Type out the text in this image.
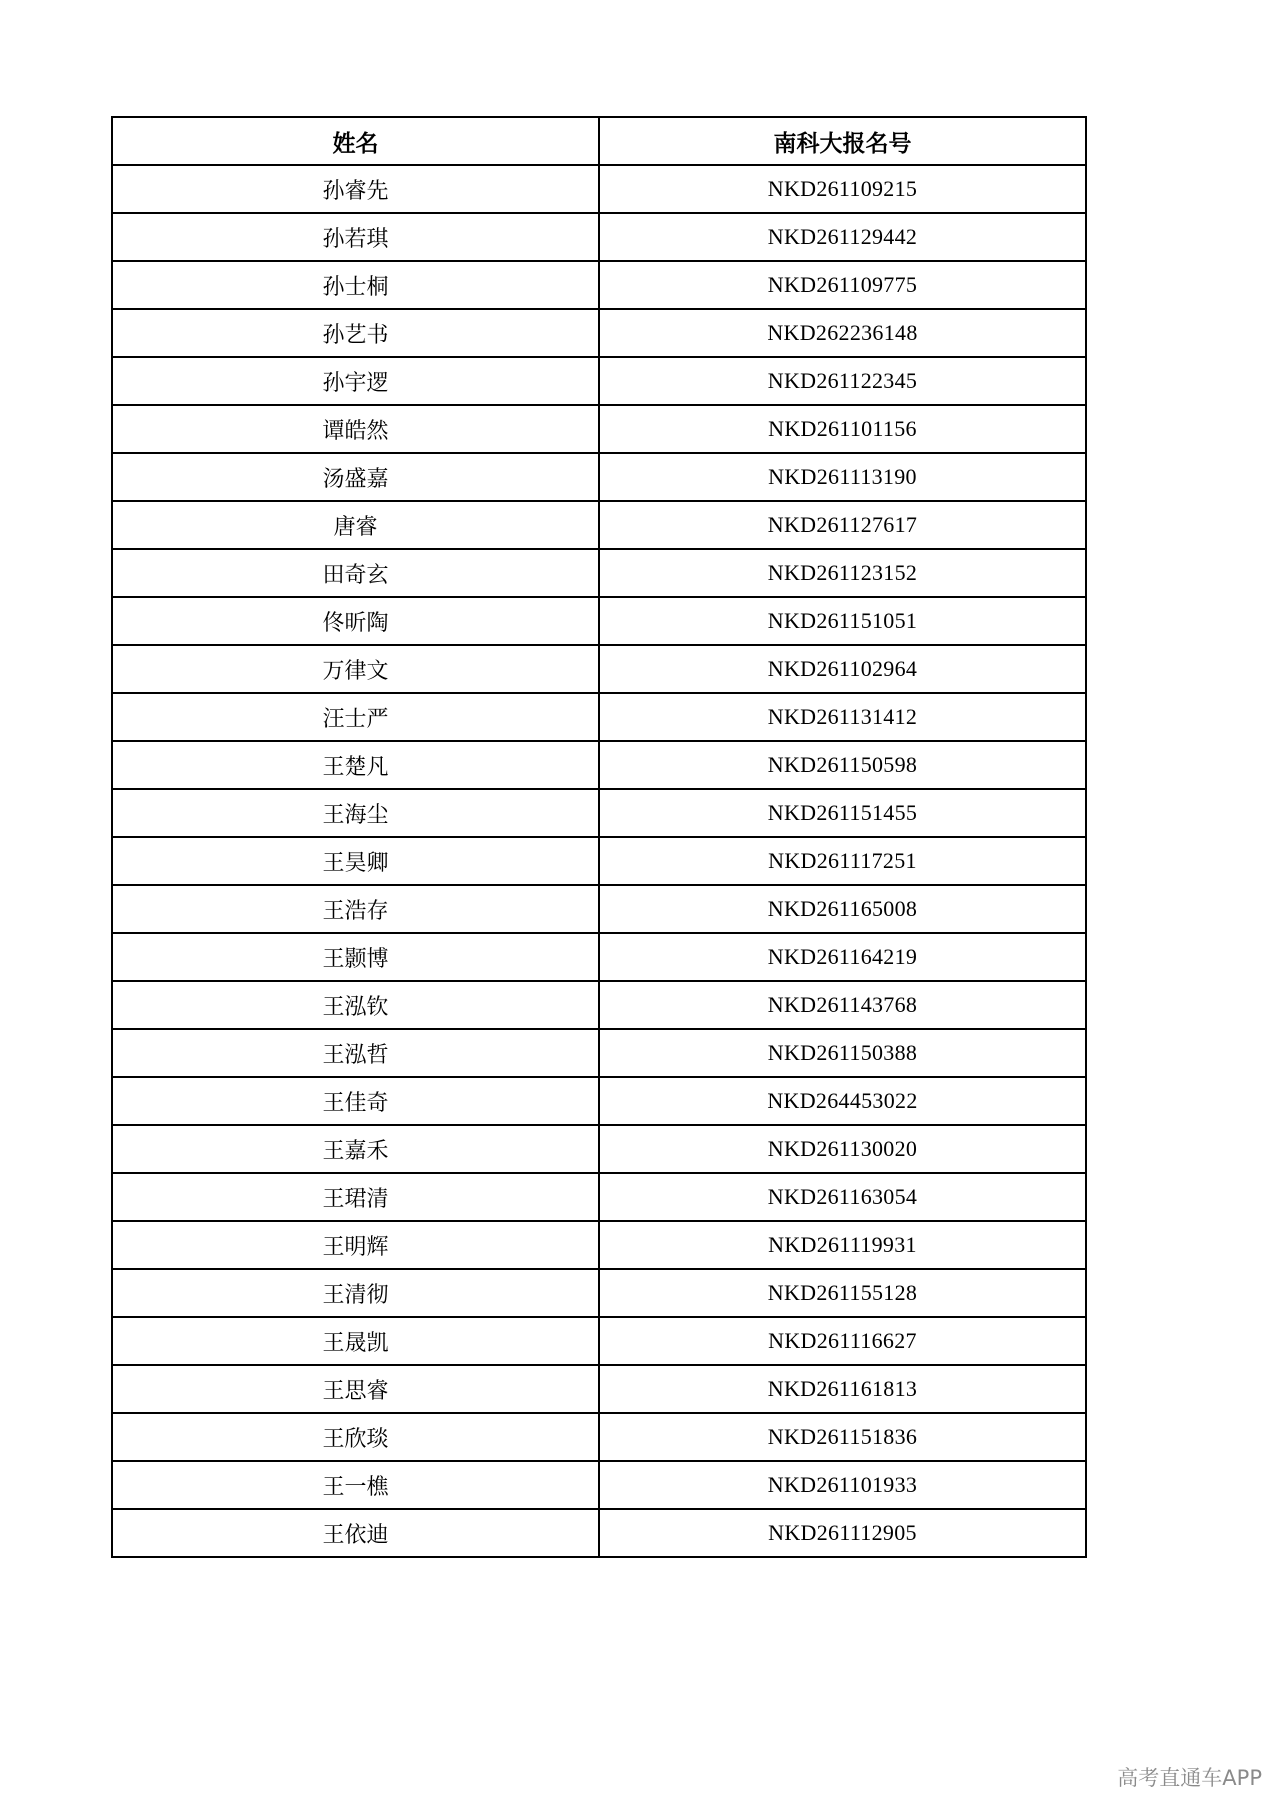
姓名	南科大报名号
孙睿先	NKD261109215
孙若琪	NKD261129442
孙士桐	NKD261109775
孙艺书	NKD262236148
孙宇逻	NKD261122345
谭皓然	NKD261101156
汤盛嘉	NKD261113190
唐睿	NKD261127617
田奇玄	NKD261123152
佟昕陶	NKD261151051
万律文	NKD261102964
汪士严	NKD261131412
王楚凡	NKD261150598
王海尘	NKD261151455
王昊卿	NKD261117251
王浩存	NKD261165008
王颢博	NKD261164219
王泓钦	NKD261143768
王泓哲	NKD261150388
王佳奇	NKD264453022
王嘉禾	NKD261130020
王珺清	NKD261163054
王明辉	NKD261119931
王清彻	NKD261155128
王晟凯	NKD261116627
王思睿	NKD261161813
王欣琰	NKD261151836
王一樵	NKD261101933
王依迪	NKD261112905
高考直通车APP
